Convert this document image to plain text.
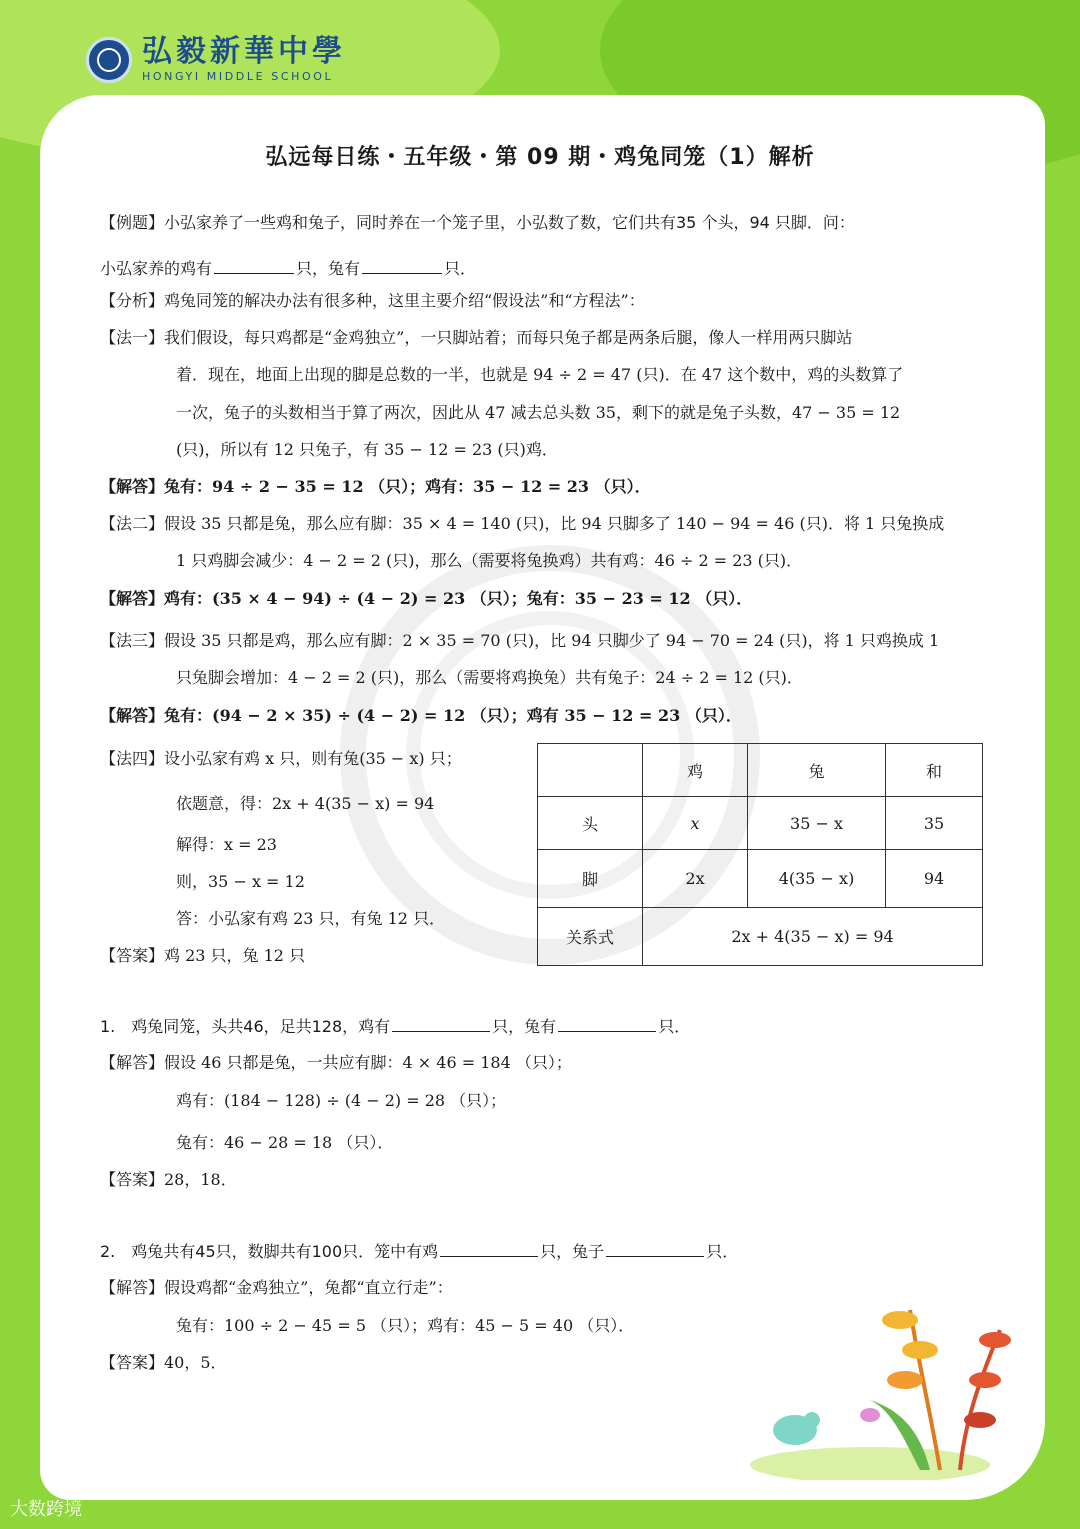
弘毅新華中學
HONGYI MIDDLE SCHOOL
弘远每日练・五年级・第 09 期・鸡兔同笼（1）解析
【例题】小弘家养了一些鸡和兔子，同时养在一个笼子里，小弘数了数，它们共有35 个头，94 只脚．问：
小弘家养的鸡有	只，兔有	只．
【分析】鸡兔同笼的解决办法有很多种，这里主要介绍“假设法”和“方程法”：
【法一】我们假设，每只鸡都是“金鸡独立”，一只脚站着；而每只兔子都是两条后腿，像人一样用两只脚站
着．现在，地面上出现的脚是总数的一半，也就是 94 ÷ 2 = 47 (只)．在 47 这个数中，鸡的头数算了
一次，兔子的头数相当于算了两次，因此从 47 减去总头数 35，剩下的就是兔子头数，47 − 35 = 12
(只)，所以有 12 只兔子，有 35 − 12 = 23 (只)鸡．
【解答】兔有：94 ÷ 2 − 35 = 12 （只）；鸡有：35 − 12 = 23 （只）．
【法二】假设 35 只都是兔，那么应有脚：35 × 4 = 140 (只)，比 94 只脚多了 140 − 94 = 46 (只)．将 1 只兔换成
1 只鸡脚会减少：4 − 2 = 2 (只)，那么（需要将兔换鸡）共有鸡：46 ÷ 2 = 23 (只)．
【解答】鸡有：(35 × 4 − 94) ÷ (4 − 2) = 23 （只）；兔有：35 − 23 = 12 （只）．
【法三】假设 35 只都是鸡，那么应有脚：2 × 35 = 70 (只)，比 94 只脚少了 94 − 70 = 24 (只)，将 1 只鸡换成 1
只兔脚会增加：4 − 2 = 2 (只)，那么（需要将鸡换兔）共有兔子：24 ÷ 2 = 12 (只)．
【解答】兔有：(94 − 2 × 35) ÷ (4 − 2) = 12 （只）；鸡有 35 − 12 = 23 （只）．
【法四】设小弘家有鸡 x 只，则有兔(35 − x) 只；
依题意，得：2x + 4(35 − x) = 94
解得：x = 23
则，35 − x = 12
答：小弘家有鸡 23 只，有兔 12 只．
【答案】鸡 23 只，兔 12 只
1.　鸡兔同笼，头共46，足共128，鸡有	只，兔有	只．
【解答】假设 46 只都是兔，一共应有脚：4 × 46 = 184 （只）；
鸡有：(184 − 128) ÷ (4 − 2) = 28 （只）；
兔有：46 − 28 = 18 （只）．
【答案】28，18．
2.　鸡兔共有45只，数脚共有100只．笼中有鸡	只，兔子	只．
【解答】假设鸡都“金鸡独立”，兔都“直立行走”：
兔有：100 ÷ 2 − 45 = 5 （只）；鸡有：45 − 5 = 40 （只）．
【答案】40，5．
	鸡	兔	和
头	x	35 − x	35
脚	2x	4(35 − x)	94
关系式	2x + 4(35 − x) = 94		
大数跨境
